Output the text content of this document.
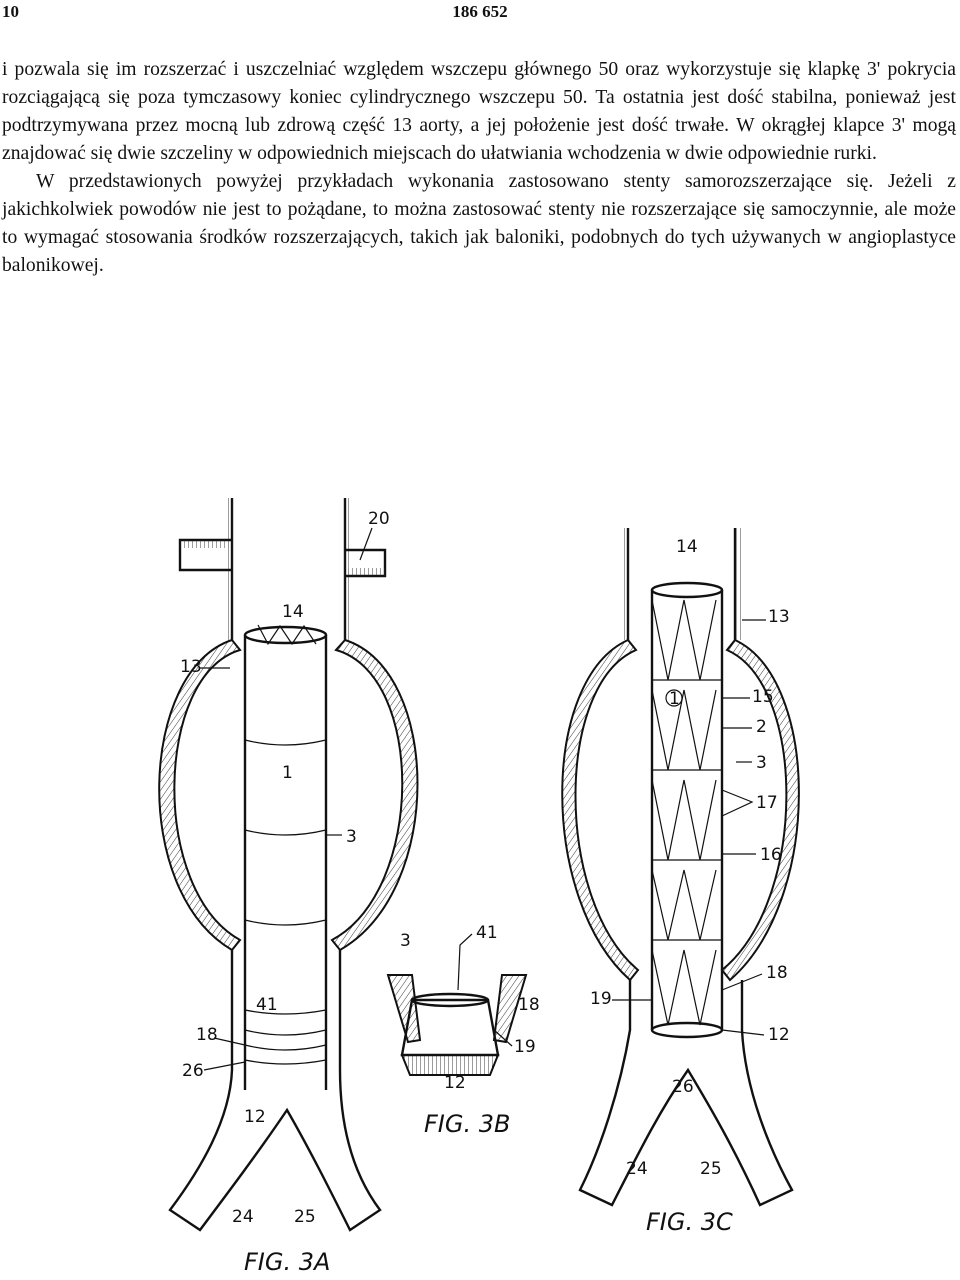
10	186 652

i pozwala się im rozszerzać i uszczelniać względem wszczepu głównego 50 oraz wykorzystuje się klapkę 3' pokrycia rozciągającą się poza tymczasowy koniec cylindrycznego wszczepu 50. Ta ostatnia jest dość stabilna, ponieważ jest podtrzymywana przez mocną lub zdrową część 13 aorty, a jej położenie jest dość trwałe. W okrągłej klapce 3' mogą znajdować się dwie szczeliny w odpowiednich miejscach do ułatwiania wchodzenia w dwie odpowiednie rurki.

W przedstawionych powyżej przykładach wykonania zastosowano stenty samorozszerzające się. Jeżeli z jakichkolwiek powodów nie jest to pożądane, to można zastosować stenty nie rozszerzające się samoczynnie, ale może to wymagać stosowania środków rozszerzających, takich jak baloniki, podobnych do tych używanych w angioplastyce balonikowej.

20
14
13
1
3
41
18
26
12
24 25
FIG. 3A
3	41
18
19
12
FIG. 3B
14
13
1	15
2
3
17
16
18
19
12
26
24	25
FIG. 3C
